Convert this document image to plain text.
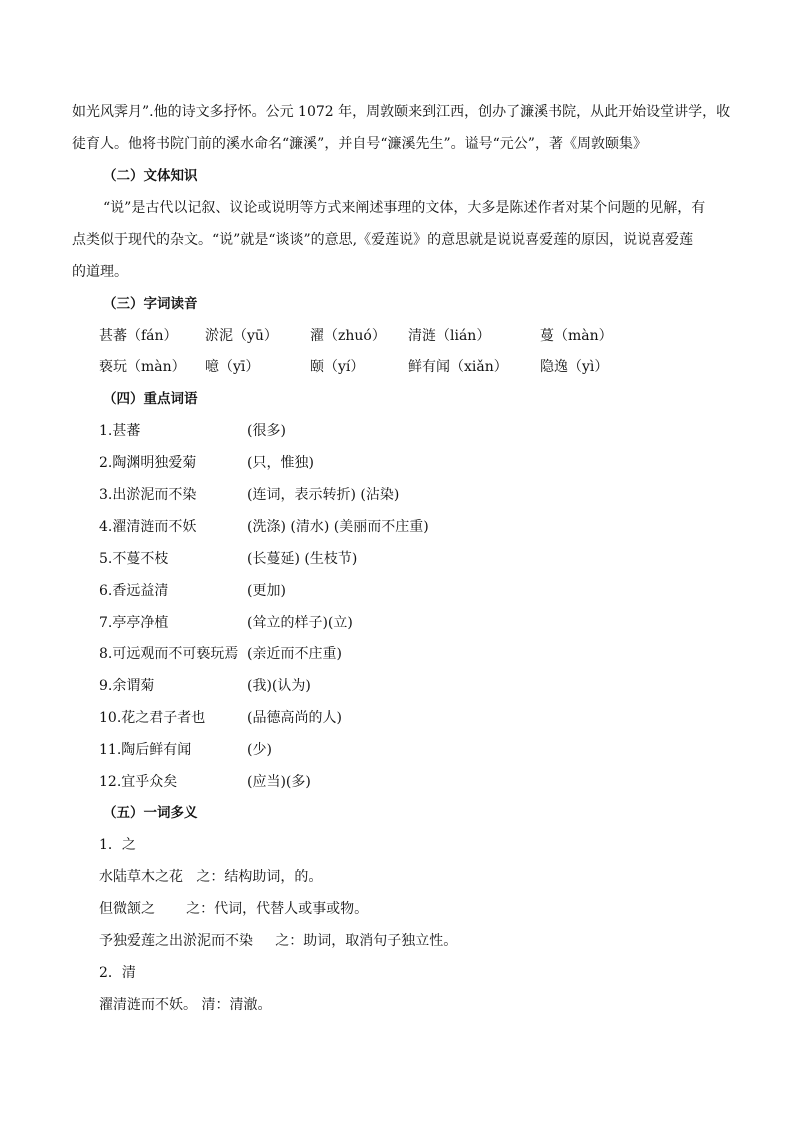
如光风霁月”.他的诗文多抒怀。公元 1072 年，周敦颐来到江西，创办了濂溪书院，从此开始设堂讲学，收
徒育人。他将书院门前的溪水命名“濂溪”，并自号“濂溪先生”。谥号“元公”，著《周敦颐集》
（二）文体知识
“说”是古代以记叙、议论或说明等方式来阐述事理的文体，大多是陈述作者对某个问题的见解，有
点类似于现代的杂文。“说”就是“谈谈”的意思,《爱莲说》的意思就是说说喜爱莲的原因，说说喜爱莲
的道理。
（三）字词读音
甚蕃（fán） 淤泥（yū） 濯（zhuó） 清涟（lián）	蔓（màn）
亵玩（màn） 噫（yī）	颐（yí）	鲜有闻（xiǎn） 隐逸（yì）
（四）重点词语
1.甚蕃	(很多)
2.陶渊明独爱菊	(只，惟独)
3.出淤泥而不染	(连词，表示转折) (沾染)
4.濯清涟而不妖	(洗涤) (清水) (美丽而不庄重)
5.不蔓不枝	(长蔓延) (生枝节)
6.香远益清	(更加)
7.亭亭净植	(耸立的样子)(立)
8.可远观而不可亵玩焉 (亲近而不庄重)
9.余谓菊	(我)(认为)
10.花之君子者也	(品德高尚的人)
11.陶后鲜有闻	(少)
12.宜乎众矣	(应当)(多)
（五）一词多义
1．之
水陆草木之花   之：结构助词，的。
但微颔之       之：代词，代替人或事或物。
予独爱莲之出淤泥而不染     之：助词，取消句子独立性。
2．清
濯清涟而不妖。 清：清澈。
